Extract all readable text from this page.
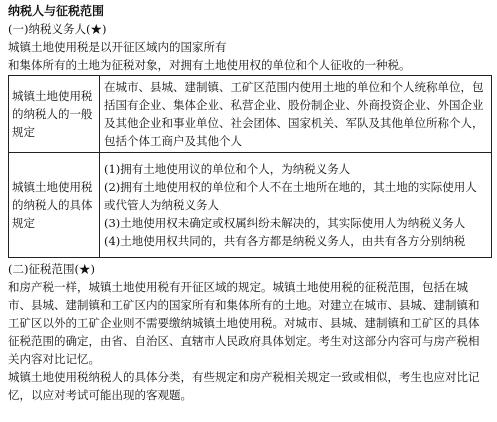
纳税人与征税范围
(一)纳税义务人(★)
城镇土地使用税是以开征区域内的国家所有
和集体所有的土地为征税对象，对拥有土地使用权的单位和个人征收的一种税。
城镇土地使用税的纳税人的一般规定	在城市、县城、建制镇、工矿区范围内使用土地的单位和个人统称单位，包括国有企业、集体企业、私营企业、股份制企业、外商投资企业、外国企业及其他企业和事业单位、社会团体、国家机关、军队及其他单位所称个人，包括个体工商户及其他个人
城镇土地使用税的纳税人的具体规定	(1)拥有土地使用议的单位和个人，为纳税义务人
(2)拥有土地使用权的单位和个人不在土地所在地的，其土地的实际使用人或代管人为纳税义务人
(3)土地使用权未确定或权属纠纷未解决的，其实际使用人为纳税义务人
(4)土地使用权共同的，共有各方都是纳税义务人，由共有各方分别纳税
(二)征税范围(★)
和房产税一样，城镇土地使用税有开征区域的规定。城镇土地使用税的征税范围，包括在城市、县城、建制镇和工矿区内的国家所有和集体所有的土地。对建立在城市、县城、建制镇和工矿区以外的工矿企业则不需要缴纳城镇土地使用税。对城市、县城、建制镇和工矿区的具体征税范围的确定，由省、自治区、直辖市人民政府具体划定。考生对这部分内容可与房产税相关内容对比记忆。
城镇土地使用税纳税人的具体分类，有些规定和房产税相关规定一致或相似，考生也应对比记忆，以应对考试可能出现的客观题。
